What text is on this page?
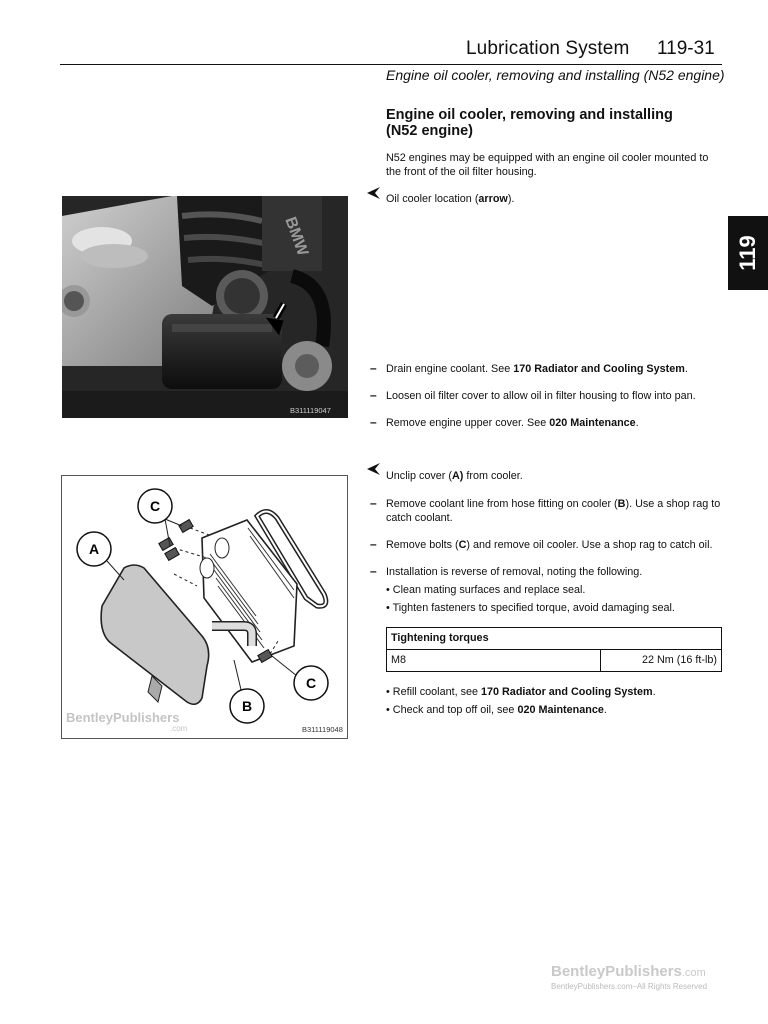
Lubrication System 119-31
Engine oil cooler, removing and installing (N52 engine)
119
Engine oil cooler, removing and installing
(N52 engine)
N52 engines may be equipped with an engine oil cooler mounted to the front of the oil filter housing.
Oil cooler location (arrow).
BMW
B311119047
– Drain engine coolant. See 170 Radiator and Cooling System.
– Loosen oil filter cover to allow oil in filter housing to flow into pan.
– Remove engine upper cover. See 020 Maintenance.
Unclip cover (A) from cooler.
C
A
B
C
BentleyPublishers
.com	B311119048
– Remove coolant line from hose fitting on cooler (B). Use a shop rag to catch coolant.
– Remove bolts (C) and remove oil cooler. Use a shop rag to catch oil.
– Installation is reverse of removal, noting the following.
• Clean mating surfaces and replace seal.
• Tighten fasteners to specified torque, avoid damaging seal.
Tightening torques
M8	22 Nm (16 ft-lb)
• Refill coolant, see 170 Radiator and Cooling System.
• Check and top off oil, see 020 Maintenance.
BentleyPublishers.com
BentleyPublishers.com–All Rights Reserved
